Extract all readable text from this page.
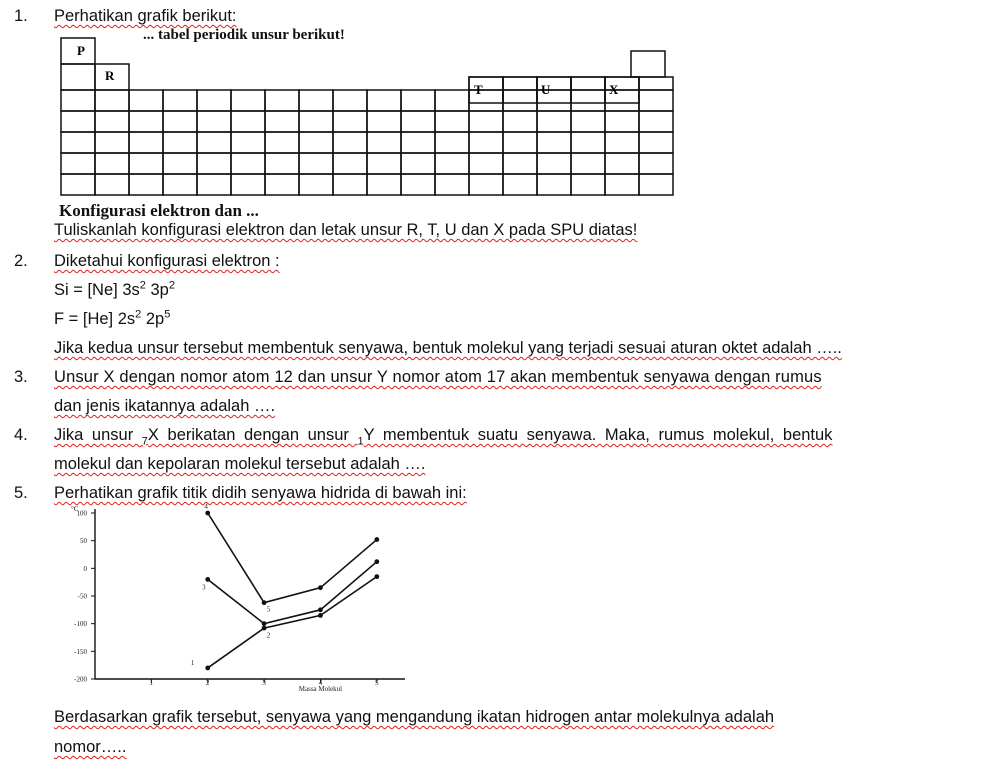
1. Perhatikan grafik berikut:
P
R
T	U	X
... tabel periodik unsur berikut!
Konfigurasi elektron dan ...
Tuliskanlah konfigurasi elektron dan letak unsur R, T, U dan X pada SPU diatas!
2. Diketahui konfigurasi elektron :
Si = [Ne] $3s^2$ $3p^2$
F = [He] $2s^2$ $2p^5$
Jika kedua unsur tersebut membentuk senyawa, bentuk molekul yang terjadi sesuai aturan oktet adalah …..
3. Unsur X dengan nomor atom 12 dan unsur Y nomor atom 17 akan membentuk senyawa dengan rumus
dan jenis ikatannya adalah ….
4. Jika unsur $_7$X berikatan dengan unsur $_1$Y membentuk suatu senyawa. Maka, rumus molekul, bentuk
molekul dan kepolaran molekul tersebut adalah ….
5. Perhatikan grafik titik didih senyawa hidrida di bawah ini:
°C
100
50
0
-50
-100
-150
-200	1	2	3	4	5
Massa Molekul
4
3
1
2
5
Berdasarkan grafik tersebut, senyawa yang mengandung ikatan hidrogen antar molekulnya adalah
nomor…..
